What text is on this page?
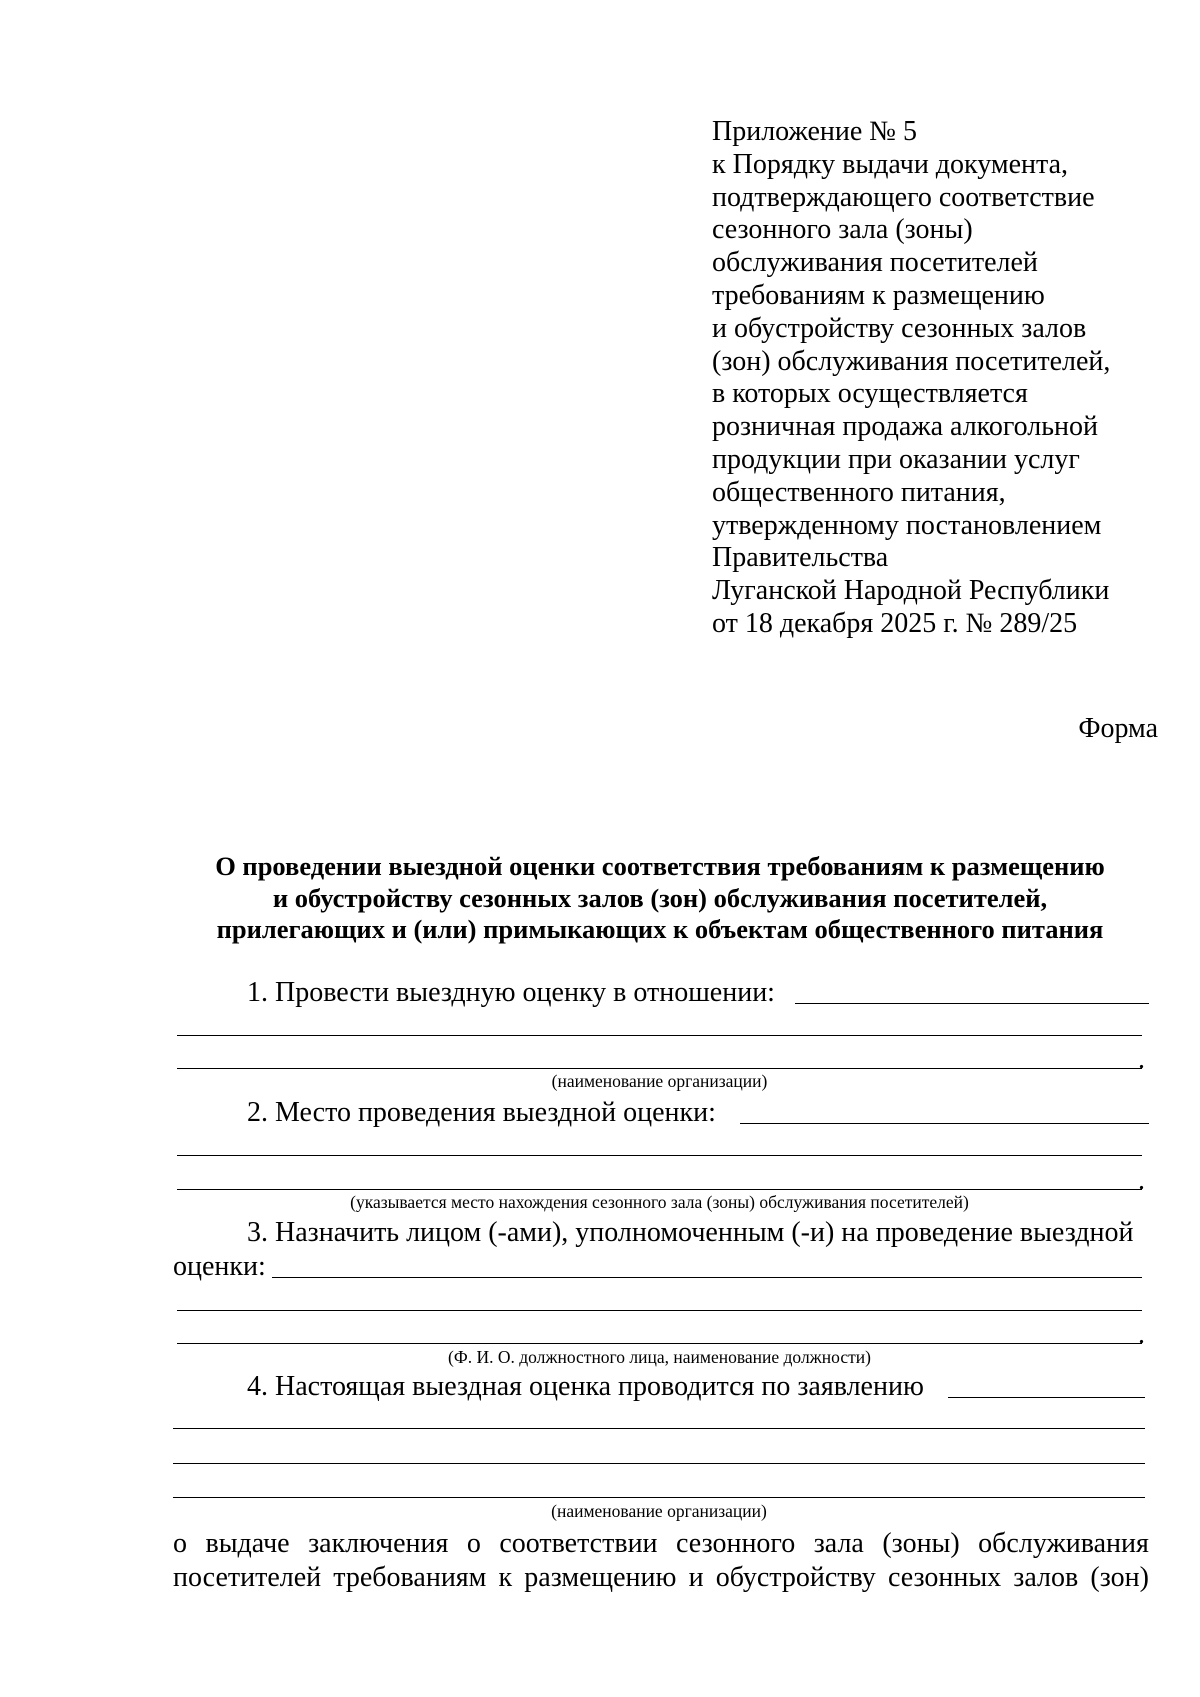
Приложение № 5
к Порядку выдачи документа,
подтверждающего соответствие
сезонного зала (зоны)
обслуживания посетителей
требованиям к размещению
и обустройству сезонных залов
(зон) обслуживания посетителей,
в которых осуществляется
розничная продажа алкогольной
продукции при оказании услуг
общественного питания,
утвержденному постановлением
Правительства
Луганской Народной Республики
от 18 декабря 2025 г. № 289/25
Форма
О проведении выездной оценки соответствия требованиям к размещению
и обустройству сезонных залов (зон) обслуживания посетителей,
прилегающих и (или) примыкающих к объектам общественного питания
1. Провести выездную оценку в отношении:
.
(наименование организации)
2. Место проведения выездной оценки:
.
(указывается место нахождения сезонного зала (зоны) обслуживания посетителей)
3. Назначить лицом (-ами), уполномоченным (-и) на проведение выездной
оценки:
.
(Ф. И. О. должностного лица, наименование должности)
4. Настоящая выездная оценка проводится по заявлению
(наименование организации)
о выдаче заключения о соответствии сезонного зала (зоны) обслуживания
посетителей требованиям к размещению и обустройству сезонных залов (зон)
